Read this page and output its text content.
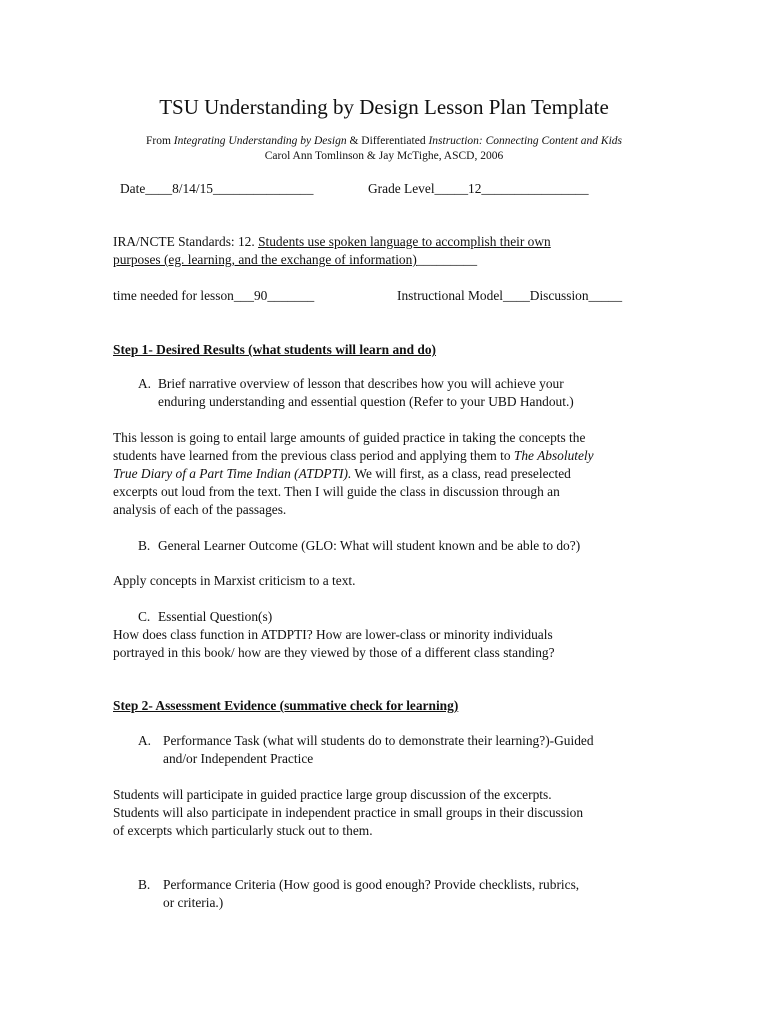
TSU Understanding by Design Lesson Plan Template
From Integrating Understanding by Design & Differentiated Instruction: Connecting Content and Kids
Carol Ann Tomlinson & Jay McTighe, ASCD, 2006
Date____8/14/15_______________	Grade Level_____12________________
IRA/NCTE Standards: 12. Students use spoken language to accomplish their own
purposes (eg. learning, and the exchange of information)_________
time needed for lesson___90_______	Instructional Model____Discussion_____
Step 1- Desired Results (what students will learn and do)
A. Brief narrative overview of lesson that describes how you will achieve your
enduring understanding and essential question (Refer to your UBD Handout.)
This lesson is going to entail large amounts of guided practice in taking the concepts the
students have learned from the previous class period and applying them to The Absolutely
True Diary of a Part Time Indian (ATDPTI). We will first, as a class, read preselected
excerpts out loud from the text. Then I will guide the class in discussion through an
analysis of each of the passages.
B. General Learner Outcome (GLO: What will student known and be able to do?)
Apply concepts in Marxist criticism to a text.
C. Essential Question(s)
How does class function in ATDPTI? How are lower-class or minority individuals
portrayed in this book/ how are they viewed by those of a different class standing?
Step 2- Assessment Evidence (summative check for learning)
A. Performance Task (what will students do to demonstrate their learning?)-Guided
and/or Independent Practice
Students will participate in guided practice large group discussion of the excerpts.
Students will also participate in independent practice in small groups in their discussion
of excerpts which particularly stuck out to them.
B. Performance Criteria (How good is good enough? Provide checklists, rubrics,
or criteria.)
